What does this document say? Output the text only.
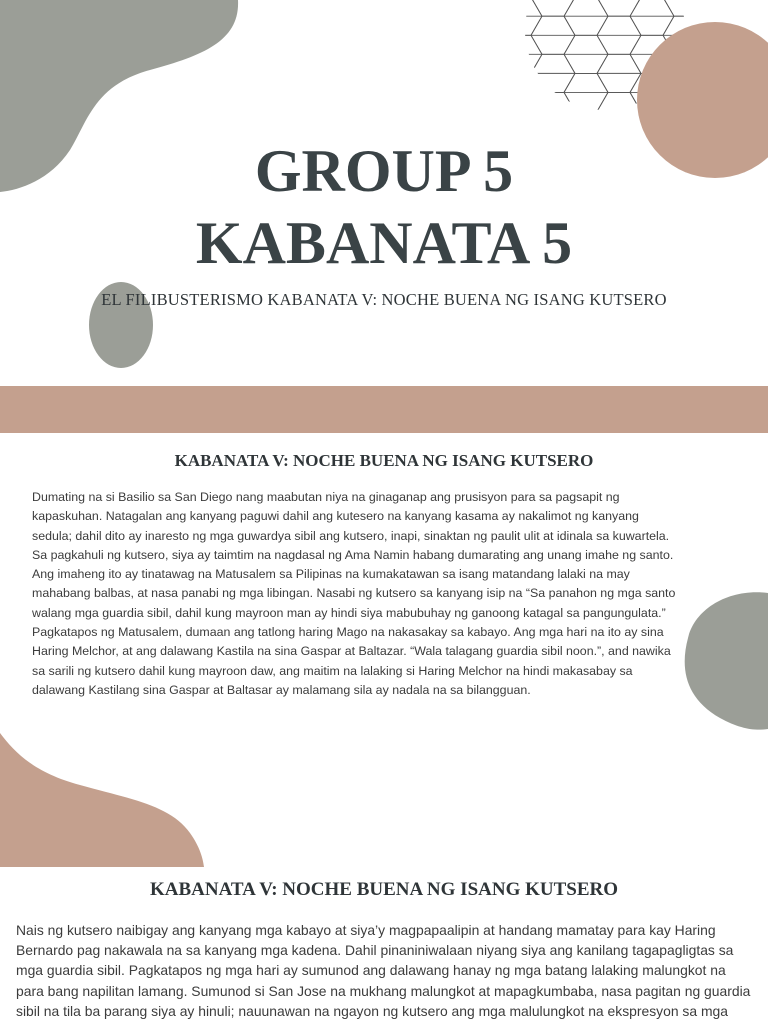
GROUP 5
KABANATA 5
EL FILIBUSTERISMO KABANATA V: NOCHE BUENA NG ISANG KUTSERO
KABANATA V: NOCHE BUENA NG ISANG KUTSERO
Dumating na si Basilio sa San Diego nang maabutan niya na ginaganap ang prusisyon para sa pagsapit ng
kapaskuhan. Natagalan ang kanyang paguwi dahil ang kutesero na kanyang kasama ay nakalimot ng kanyang
sedula; dahil dito ay inaresto ng mga guwardya sibil ang kutsero, inapi, sinaktan ng paulit ulit at idinala sa kuwartela.
Sa pagkahuli ng kutsero, siya ay taimtim na nagdasal ng Ama Namin habang dumarating ang unang imahe ng santo.
Ang imaheng ito ay tinatawag na Matusalem sa Pilipinas na kumakatawan sa isang matandang lalaki na may
mahabang balbas, at nasa panabi ng mga libingan. Nasabi ng kutsero sa kanyang isip na “Sa panahon ng mga santo
walang mga guardia sibil, dahil kung mayroon man ay hindi siya mabubuhay ng ganoong katagal sa pangungulata.”
Pagkatapos ng Matusalem, dumaan ang tatlong haring Mago na nakasakay sa kabayo. Ang mga hari na ito ay sina
Haring Melchor, at ang dalawang Kastila na sina Gaspar at Baltazar. “Wala talagang guardia sibil noon.”, and nawika
sa sarili ng kutsero dahil kung mayroon daw, ang maitim na lalaking si Haring Melchor na hindi makasabay sa
dalawang Kastilang sina Gaspar at Baltasar ay malamang sila ay nadala na sa bilangguan.
KABANATA V: NOCHE BUENA NG ISANG KUTSERO
Nais ng kutsero naibigay ang kanyang mga kabayo at siya’y magpapaalipin at handang mamatay para kay Haring
Bernardo pag nakawala na sa kanyang mga kadena. Dahil pinaniniwalaan niyang siya ang kanilang tagapagligtas sa
mga guardia sibil. Pagkatapos ng mga hari ay sumunod ang dalawang hanay ng mga batang lalaking malungkot na
para bang napilitan lamang. Sumunod si San Jose na mukhang malungkot at mapagkumbaba, nasa pagitan ng guardia
sibil na tila ba parang siya ay hinuli; nauunawan na ngayon ng kutsero ang mga malulungkot na ekspresyon sa mga
